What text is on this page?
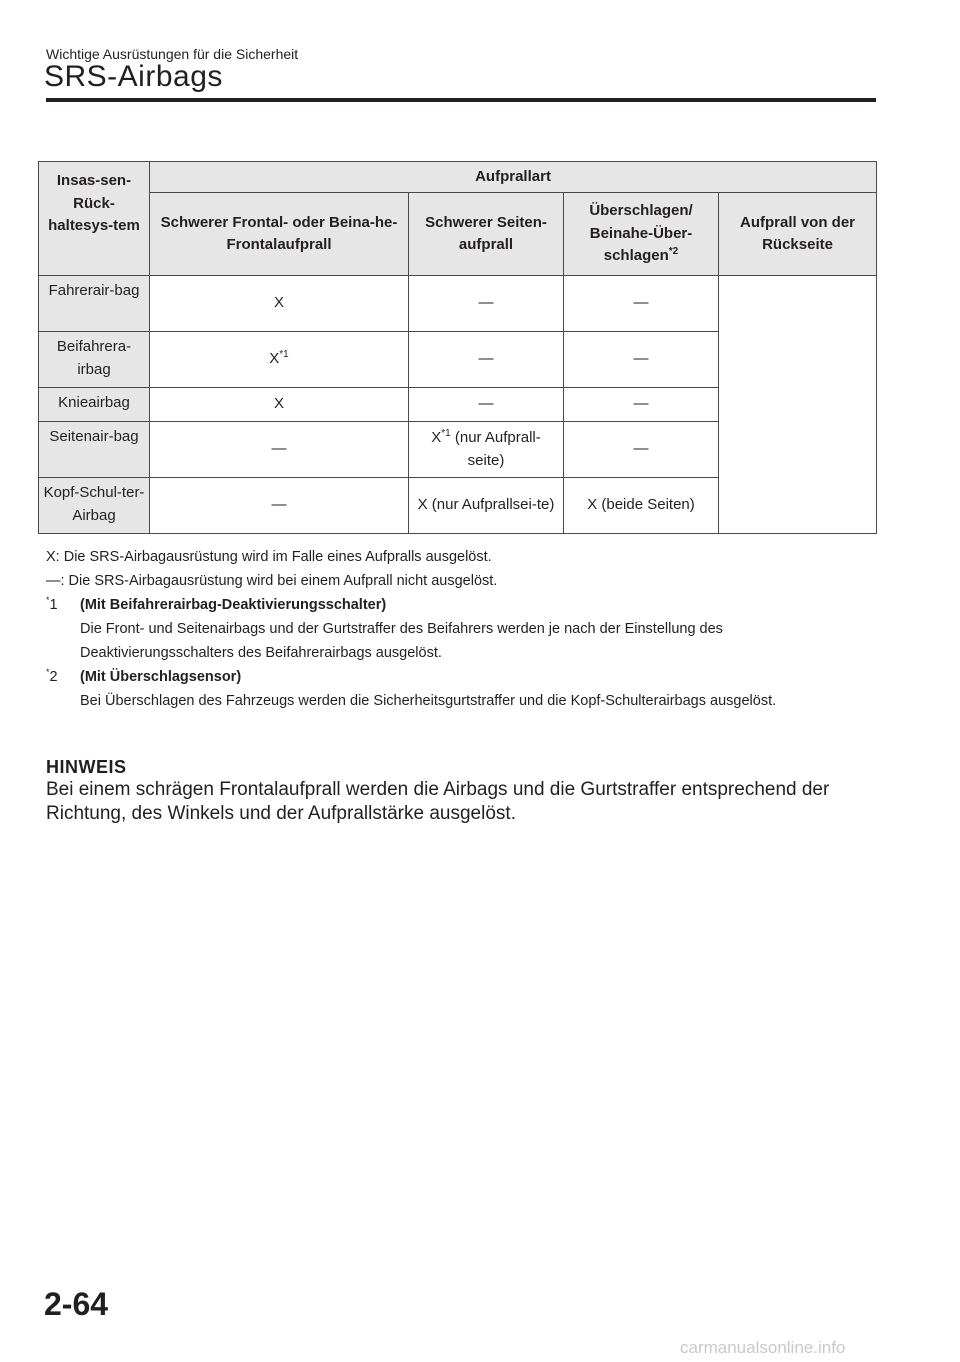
Wichtige Ausrüstungen für die Sicherheit
SRS-Airbags
Insas-sen-Rück-haltesys-tem	Aufprallart			
	Schwerer Frontal- oder Beina-he-Frontalaufprall	Schwerer Seiten-aufprall	Überschlagen/ Beinahe-Über-schlagen$^{*2}$	Aufprall von der Rückseite
Fahrerair-bag	X	—	—	
Beifahrera-irbag	$X^{*1}$	—	—	
Knieairbag	X	—	—	
Seitenair-bag	—	$X^{*1}$ (nur Aufprall-seite)	—	
Kopf-Schul-ter-Airbag	—	X (nur Aufprallsei-te)	X (beide Seiten)	
X: Die SRS-Airbagausrüstung wird im Falle eines Aufpralls ausgelöst.
—: Die SRS-Airbagausrüstung wird bei einem Aufprall nicht ausgelöst.
*1	(Mit Beifahrerairbag-Deaktivierungsschalter)
Die Front- und Seitenairbags und der Gurtstraffer des Beifahrers werden je nach der Einstellung des Deaktivierungsschalters des Beifahrerairbags ausgelöst.
*2	(Mit Überschlagsensor)
Bei Überschlagen des Fahrzeugs werden die Sicherheitsgurtstraffer und die Kopf-Schulterairbags ausgelöst.
HINWEIS
Bei einem schrägen Frontalaufprall werden die Airbags und die Gurtstraffer entsprechend der Richtung, des Winkels und der Aufprallstärke ausgelöst.
2-64
carmanualsonline.info
